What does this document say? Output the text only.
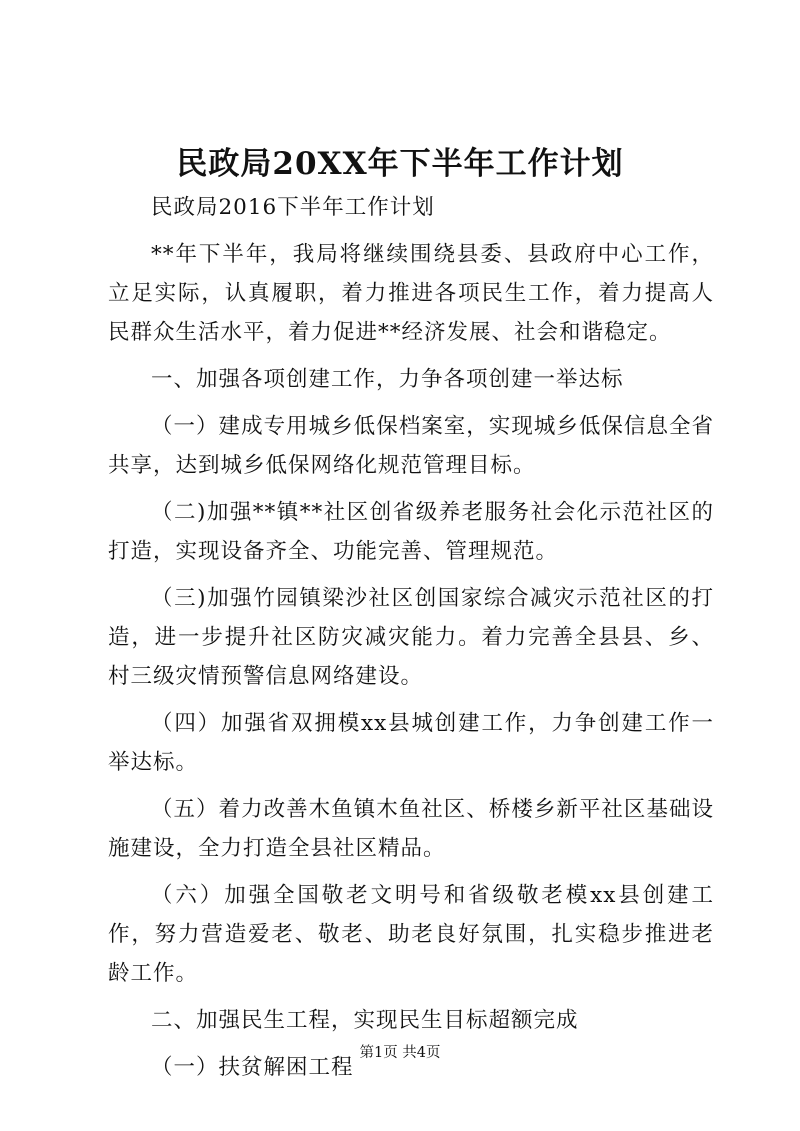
民政局20XX年下半年工作计划

民政局2016下半年工作计划

**年下半年，我局将继续围绕县委、县政府中心工作，立足实际，认真履职，着力推进各项民生工作，着力提高人民群众生活水平，着力促进**经济发展、社会和谐稳定。

一、加强各项创建工作，力争各项创建一举达标

（一）建成专用城乡低保档案室，实现城乡低保信息全省共享，达到城乡低保网络化规范管理目标。

（二)加强**镇**社区创省级养老服务社会化示范社区的打造，实现设备齐全、功能完善、管理规范。

（三)加强竹园镇梁沙社区创国家综合减灾示范社区的打造，进一步提升社区防灾减灾能力。着力完善全县县、乡、村三级灾情预警信息网络建设。

（四）加强省双拥模xx县城创建工作，力争创建工作一举达标。

（五）着力改善木鱼镇木鱼社区、桥楼乡新平社区基础设施建设，全力打造全县社区精品。

（六）加强全国敬老文明号和省级敬老模xx县创建工作，努力营造爱老、敬老、助老良好氛围，扎实稳步推进老龄工作。

二、加强民生工程，实现民生目标超额完成

（一）扶贫解困工程

第1页 共4页
